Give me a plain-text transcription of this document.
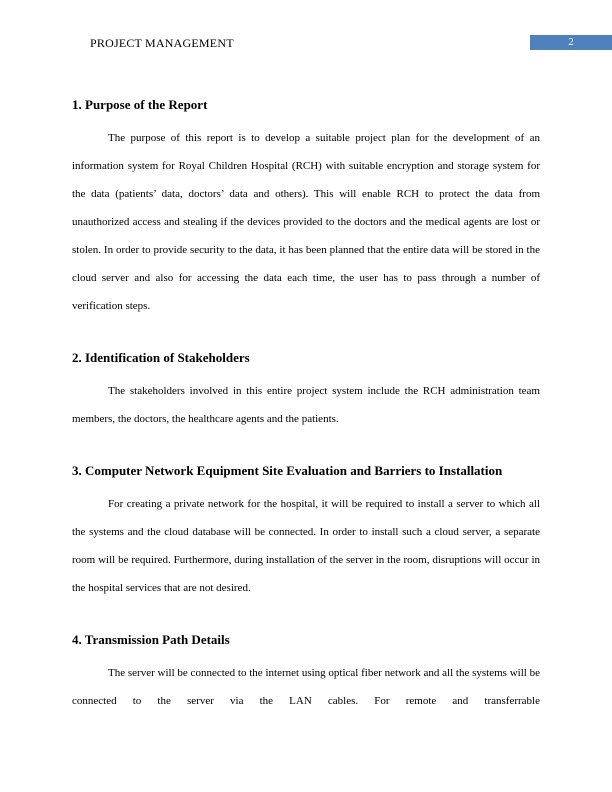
PROJECT MANAGEMENT	2
1. Purpose of the Report

The purpose of this report is to develop a suitable project plan for the development of an information system for Royal Children Hospital (RCH) with suitable encryption and storage system for the data (patients’ data, doctors’ data and others). This will enable RCH to protect the data from unauthorized access and stealing if the devices provided to the doctors and the medical agents are lost or stolen. In order to provide security to the data, it has been planned that the entire data will be stored in the cloud server and also for accessing the data each time, the user has to pass through a number of verification steps.

2. Identification of Stakeholders

The stakeholders involved in this entire project system include the RCH administration team members, the doctors, the healthcare agents and the patients.

3. Computer Network Equipment Site Evaluation and Barriers to Installation

For creating a private network for the hospital, it will be required to install a server to which all the systems and the cloud database will be connected. In order to install such a cloud server, a separate room will be required. Furthermore, during installation of the server in the room, disruptions will occur in the hospital services that are not desired.

4. Transmission Path Details

The server will be connected to the internet using optical fiber network and all the systems will be connected to the server via the LAN cables. For remote and transferrable
